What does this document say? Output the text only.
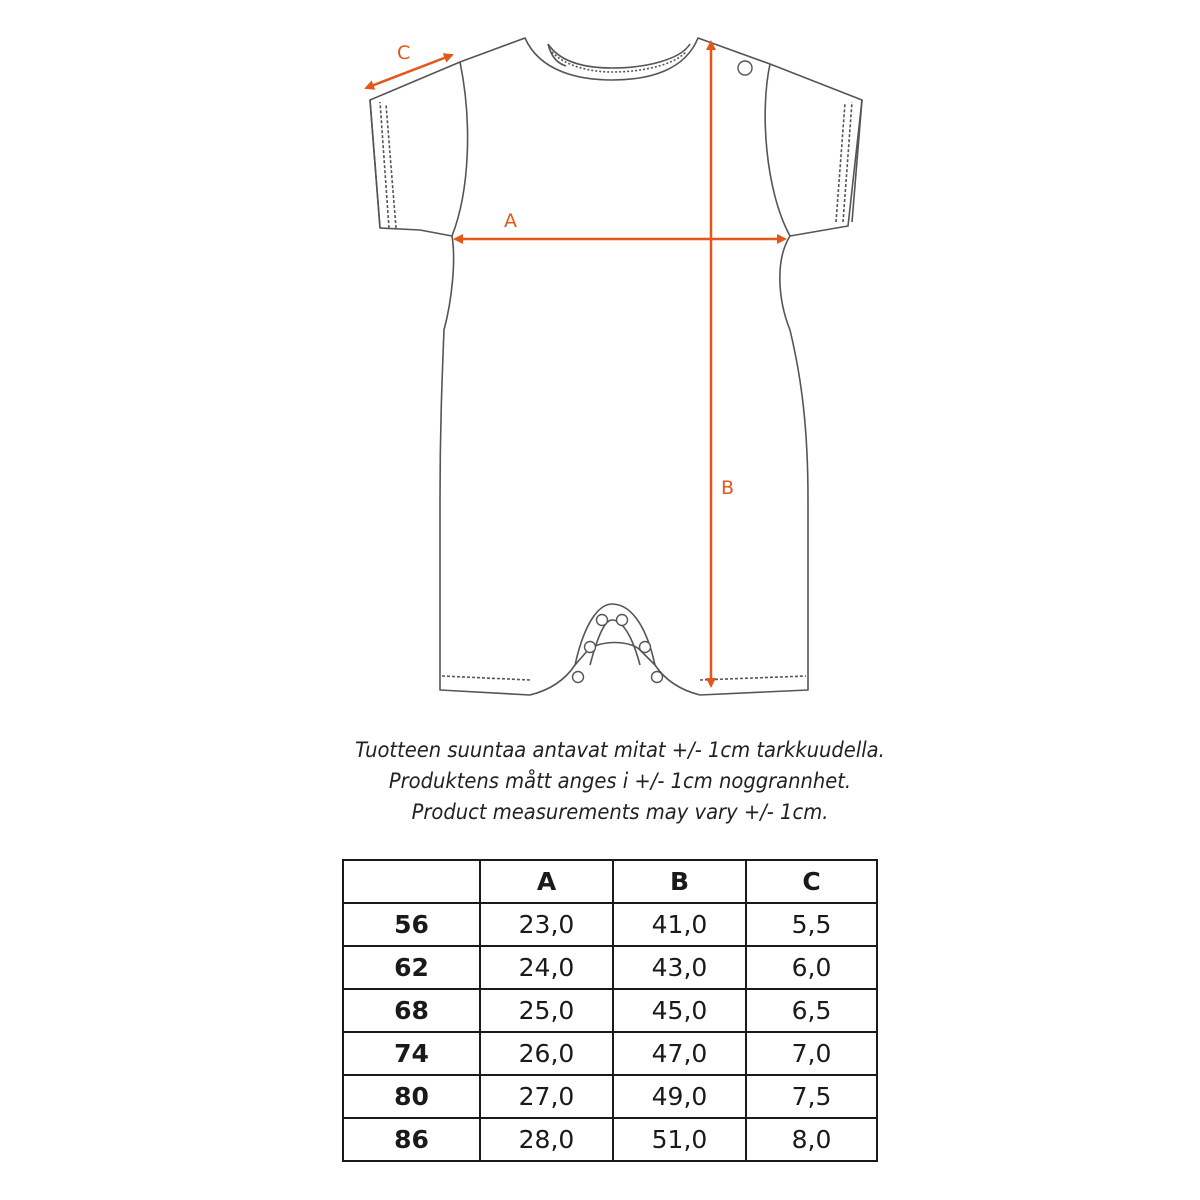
A
B
C
Tuotteen suuntaa antavat mitat +/- 1cm tarkkuudella.
Produktens mått anges i +/- 1cm noggrannhet.
Product measurements may vary +/- 1cm.
	A	B	C
56	23,0	41,0	5,5
62	24,0	43,0	6,0
68	25,0	45,0	6,5
74	26,0	47,0	7,0
80	27,0	49,0	7,5
86	28,0	51,0	8,0
